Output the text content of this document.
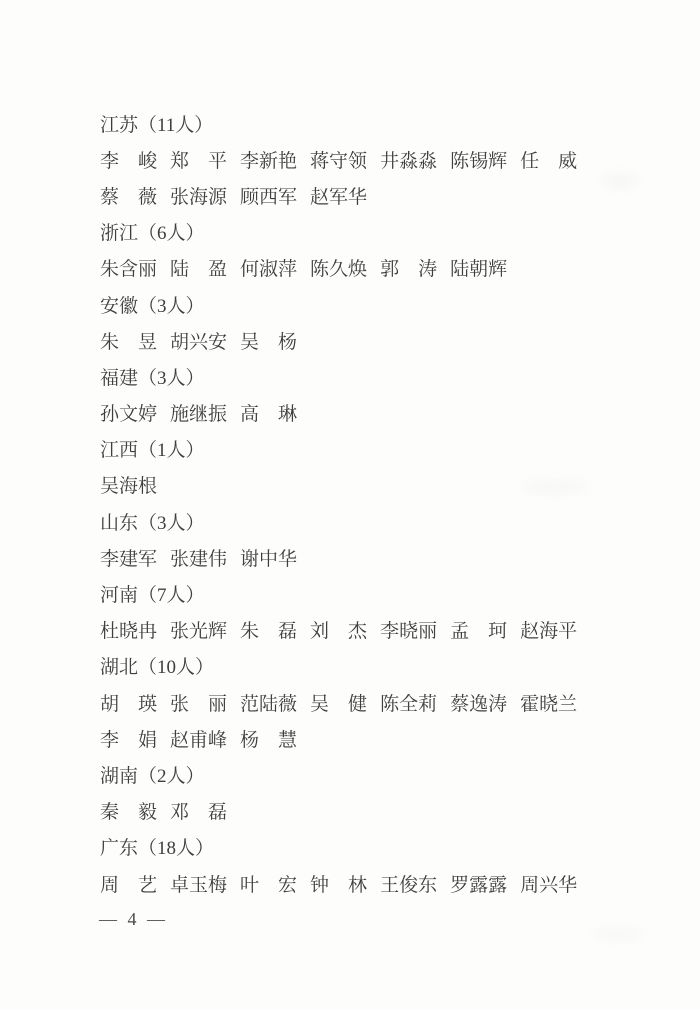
江苏（11人）
李　峻 郑　平 李新艳 蒋守领 井淼淼 陈锡辉 任　威
蔡　薇 张海源 顾西军 赵军华
浙江（6人）
朱含丽 陆　盈 何淑萍 陈久焕 郭　涛 陆朝辉
安徽（3人）
朱　昱 胡兴安 吴　杨
福建（3人）
孙文婷 施继振 高　琳
江西（1人）
吴海根
山东（3人）
李建军 张建伟 谢中华
河南（7人）
杜晓冉 张光辉 朱　磊 刘　杰 李晓丽 孟　珂 赵海平
湖北（10人）
胡　瑛 张　丽 范陆薇 吴　健 陈全莉 蔡逸涛 霍晓兰
李　娟 赵甫峰 杨　慧
湖南（2人）
秦　毅 邓　磊
广东（18人）
周　艺 卓玉梅 叶　宏 钟　林 王俊东 罗露露 周兴华
— 4 —
